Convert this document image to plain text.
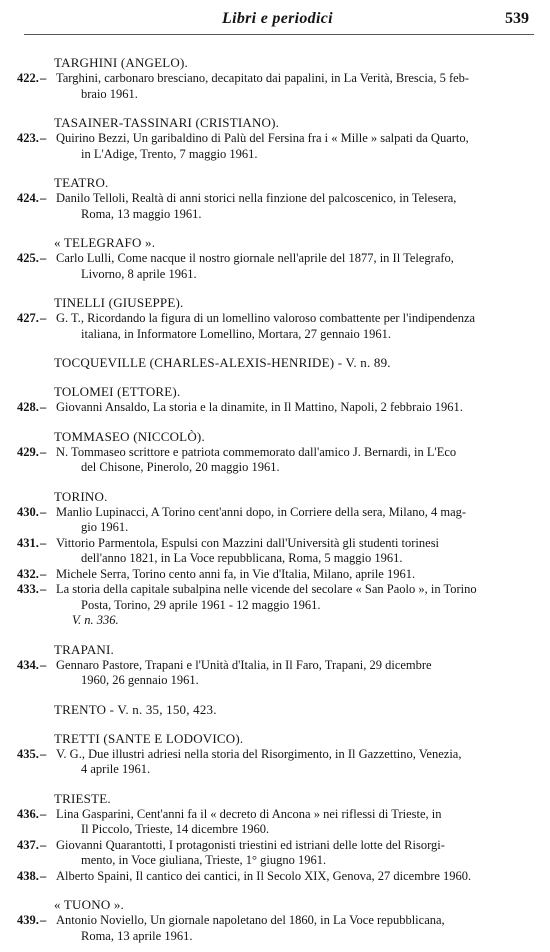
Libri e periodici	539
TARGHINI (ANGELO).
422. – Targhini, carbonaro bresciano, decapitato dai papalini, in La Verità, Brescia, 5 feb-
braio 1961.
TASAINER-TASSINARI (CRISTIANO).
423. – Quirino Bezzi, Un garibaldino di Palù del Fersina fra i « Mille » salpati da Quarto,
in L'Adige, Trento, 7 maggio 1961.
TEATRO.
424. – Danilo Telloli, Realtà di anni storici nella finzione del palcoscenico, in Telesera,
Roma, 13 maggio 1961.
« TELEGRAFO ».
425. – Carlo Lulli, Come nacque il nostro giornale nell'aprile del 1877, in Il Telegrafo,
Livorno, 8 aprile 1961.
TINELLI (GIUSEPPE).
427. – G. T., Ricordando la figura di un lomellino valoroso combattente per l'indipendenza
italiana, in Informatore Lomellino, Mortara, 27 gennaio 1961.
TOCQUEVILLE (CHARLES-ALEXIS-HENRIDE) - V. n. 89.
TOLOMEI (ETTORE).
428. – Giovanni Ansaldo, La storia e la dinamite, in Il Mattino, Napoli, 2 febbraio 1961.
TOMMASEO (NICCOLÒ).
429. – N. Tommaseo scrittore e patriota commemorato dall'amico J. Bernardi, in L'Eco
del Chisone, Pinerolo, 20 maggio 1961.
TORINO.
430. – Manlio Lupinacci, A Torino cent'anni dopo, in Corriere della sera, Milano, 4 mag-
gio 1961.
431. – Vittorio Parmentola, Espulsi con Mazzini dall'Università gli studenti torinesi
dell'anno 1821, in La Voce repubblicana, Roma, 5 maggio 1961.
432. – Michele Serra, Torino cento anni fa, in Vie d'Italia, Milano, aprile 1961.
433. – La storia della capitale subalpina nelle vicende del secolare « San Paolo », in Torino
Posta, Torino, 29 aprile 1961 - 12 maggio 1961.
V. n. 336.
TRAPANI.
434. – Gennaro Pastore, Trapani e l'Unità d'Italia, in Il Faro, Trapani, 29 dicembre
1960, 26 gennaio 1961.
TRENTO - V. n. 35, 150, 423.
TRETTI (SANTE E LODOVICO).
435. – V. G., Due illustri adriesi nella storia del Risorgimento, in Il Gazzettino, Venezia,
4 aprile 1961.
TRIESTE.
436. – Lina Gasparini, Cent'anni fa il « decreto di Ancona » nei riflessi di Trieste, in
Il Piccolo, Trieste, 14 dicembre 1960.
437. – Giovanni Quarantotti, I protagonisti triestini ed istriani delle lotte del Risorgi-
mento, in Voce giuliana, Trieste, 1° giugno 1961.
438. – Alberto Spaini, Il cantico dei cantici, in Il Secolo XIX, Genova, 27 dicembre 1960.
« TUONO ».
439. – Antonio Noviello, Un giornale napoletano del 1860, in La Voce repubblicana,
Roma, 13 aprile 1961.
